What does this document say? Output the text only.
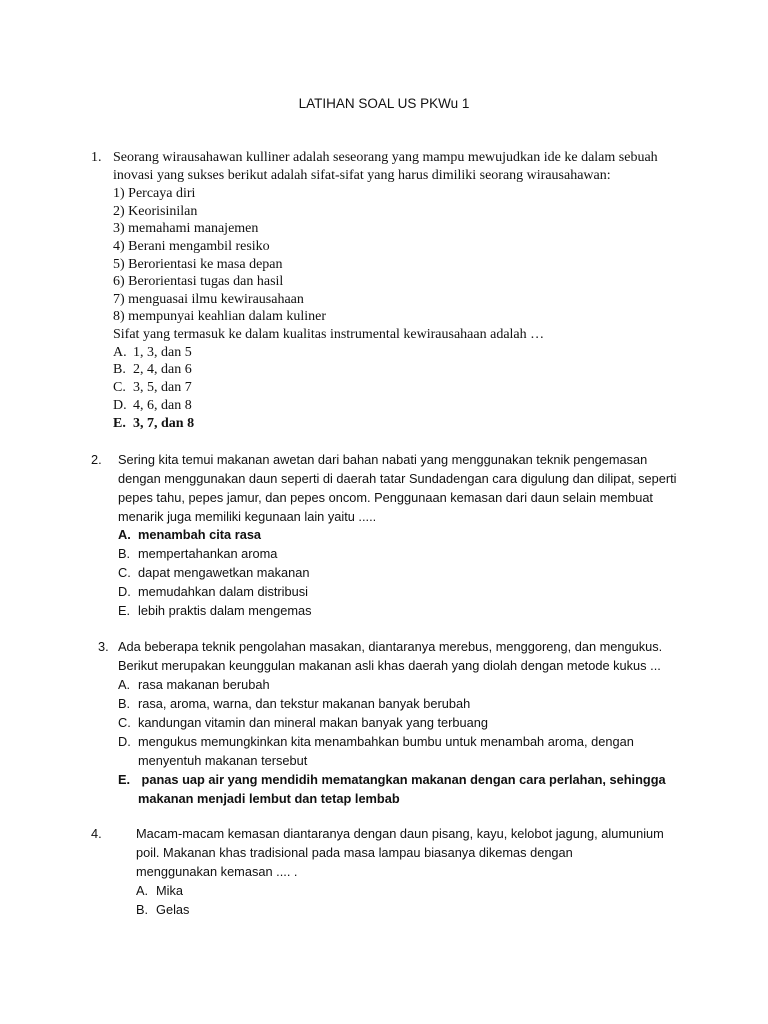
LATIHAN SOAL US PKWu 1
1. Seorang wirausahawan kulliner adalah seseorang yang mampu mewujudkan ide ke dalam sebuah
inovasi yang sukses berikut adalah sifat-sifat yang harus dimiliki seorang wirausahawan:
1) Percaya diri
2) Keorisinilan
3) memahami manajemen
4) Berani mengambil resiko
5) Berorientasi ke masa depan
6) Berorientasi tugas dan hasil
7) menguasai ilmu kewirausahaan
8) mempunyai keahlian dalam kuliner
Sifat yang termasuk ke dalam kualitas instrumental kewirausahaan adalah …
A. 1, 3, dan 5
B. 2, 4, dan 6
C. 3, 5, dan 7
D. 4, 6, dan 8
E. 3, 7, dan 8
2. Sering kita temui makanan awetan dari bahan nabati yang menggunakan teknik pengemasan
dengan menggunakan daun seperti di daerah tatar Sundadengan cara digulung dan dilipat, seperti
pepes tahu, pepes jamur, dan pepes oncom. Penggunaan kemasan dari daun selain membuat
menarik juga memiliki kegunaan lain yaitu .....
A. menambah cita rasa
B. mempertahankan aroma
C. dapat mengawetkan makanan
D. memudahkan dalam distribusi
E. lebih praktis dalam mengemas
3. Ada beberapa teknik pengolahan masakan, diantaranya merebus, menggoreng, dan mengukus.
Berikut merupakan keunggulan makanan asli khas daerah yang diolah dengan metode kukus ...
A. rasa makanan berubah
B. rasa, aroma, warna, dan tekstur makanan banyak berubah
C. kandungan vitamin dan mineral makan banyak yang terbuang
D. mengukus memungkinkan kita menambahkan bumbu untuk menambah aroma, dengan
menyentuh makanan tersebut
E. panas uap air yang mendidih mematangkan makanan dengan cara perlahan, sehingga
makanan menjadi lembut dan tetap lembab
4.	Macam-macam kemasan diantaranya dengan daun pisang, kayu, kelobot jagung, alumunium
poil. Makanan khas tradisional pada masa lampau biasanya dikemas dengan
menggunakan kemasan .... .
A. Mika
B. Gelas
